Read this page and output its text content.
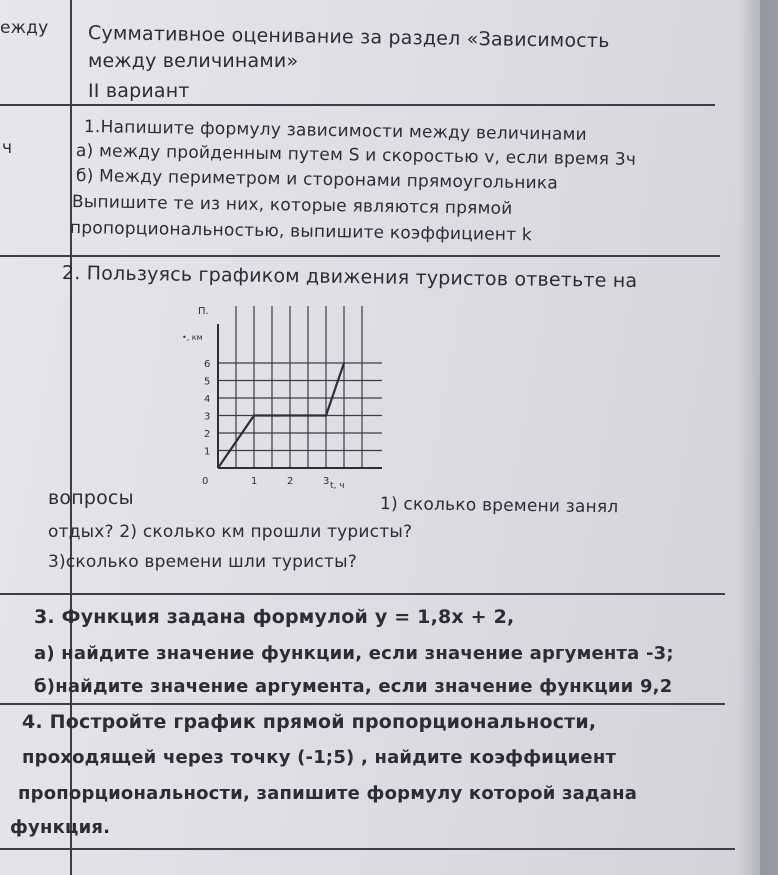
ежду
ч
Суммативное оценивание за раздел «Зависимость
между величинами»
II вариант
1.Напишите формулу зависимости между величинами
а) между пройденным путем S и скоростью v, если время 3ч
б) Между периметром и сторонами прямоугольника
Выпишите те из них, которые являются прямой
пропорциональностью, выпишите коэффициент k
2. Пользуясь графиком движения туристов ответьте на
1
2
3
4
5
6
0	1	2	3
П.
•, км
t, ч
вопросы	1) сколько времени занял
отдых? 2) сколько км прошли туристы?
3)сколько времени шли туристы?
3. Функция задана формулой y = 1,8x + 2,
а) найдите значение функции, если значение аргумента -3;
б)найдите значение аргумента, если значение функции 9,2
4. Постройте график прямой пропорциональности,
проходящей через точку (-1;5) , найдите коэффициент
пропорциональности, запишите формулу которой задана
функция.
